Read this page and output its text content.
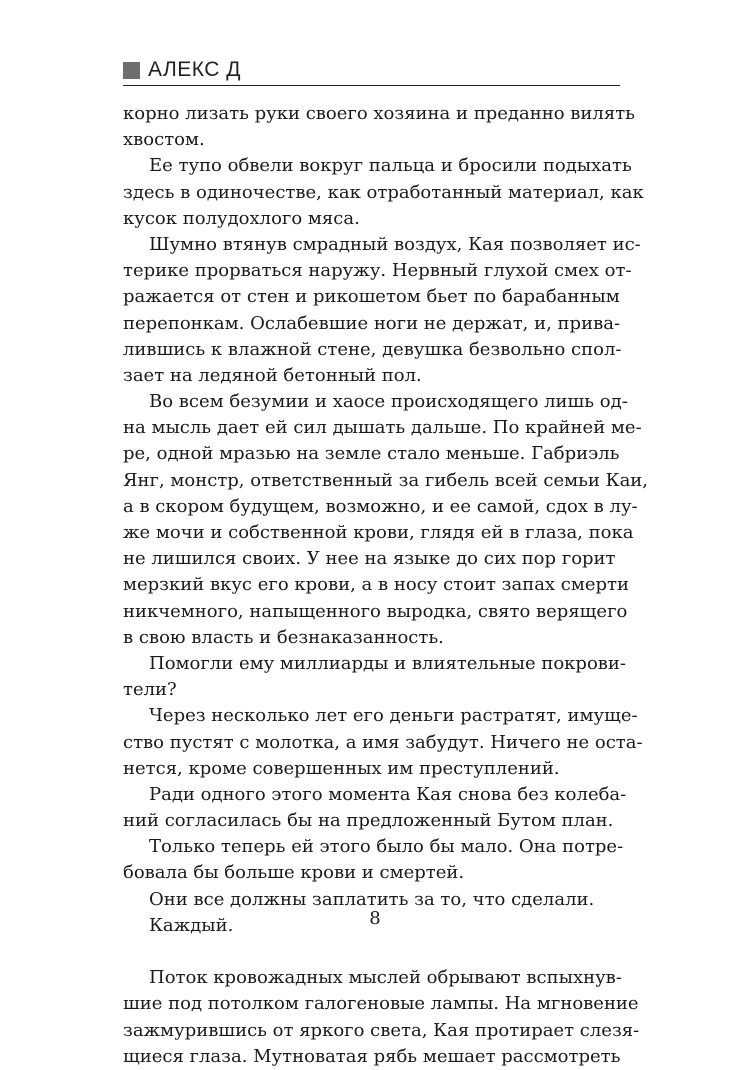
АЛЕКС Д
корно лизать руки своего хозяина и преданно вилять
хвостом.
Ее тупо обвели вокруг пальца и бросили подыхать
здесь в одиночестве, как отработанный материал, как
кусок полудохлого мяса.
Шумно втянув смрадный воздух, Кая позволяет ис-
терике прорваться наружу. Нервный глухой смех от-
ражается от стен и рикошетом бьет по барабанным
перепонкам. Ослабевшие ноги не держат, и, прива-
лившись к влажной стене, девушка безвольно спол-
зает на ледяной бетонный пол.
Во всем безумии и хаосе происходящего лишь од-
на мысль дает ей сил дышать дальше. По крайней ме-
ре, одной мразью на земле стало меньше. Габриэль
Янг, монстр, ответственный за гибель всей семьи Каи,
а в скором будущем, возможно, и ее самой, сдох в лу-
же мочи и собственной крови, глядя ей в глаза, пока
не лишился своих. У нее на языке до сих пор горит
мерзкий вкус его крови, а в носу стоит запах смерти
никчемного, напыщенного выродка, свято верящего
в свою власть и безнаказанность.
Помогли ему миллиарды и влиятельные покрови-
тели?
Через несколько лет его деньги растратят, имуще-
ство пустят с молотка, а имя забудут. Ничего не оста-
нется, кроме совершенных им преступлений.
Ради одного этого момента Кая снова без колеба-
ний согласилась бы на предложенный Бутом план.
Только теперь ей этого было бы мало. Она потре-
бовала бы больше крови и смертей.
Они все должны заплатить за то, что сделали.
Каждый.
Поток кровожадных мыслей обрывают вспыхнув-
шие под потолком галогеновые лампы. На мгновение
зажмурившись от яркого света, Кая протирает слезя-
щиеся глаза. Мутноватая рябь мешает рассмотреть
8
